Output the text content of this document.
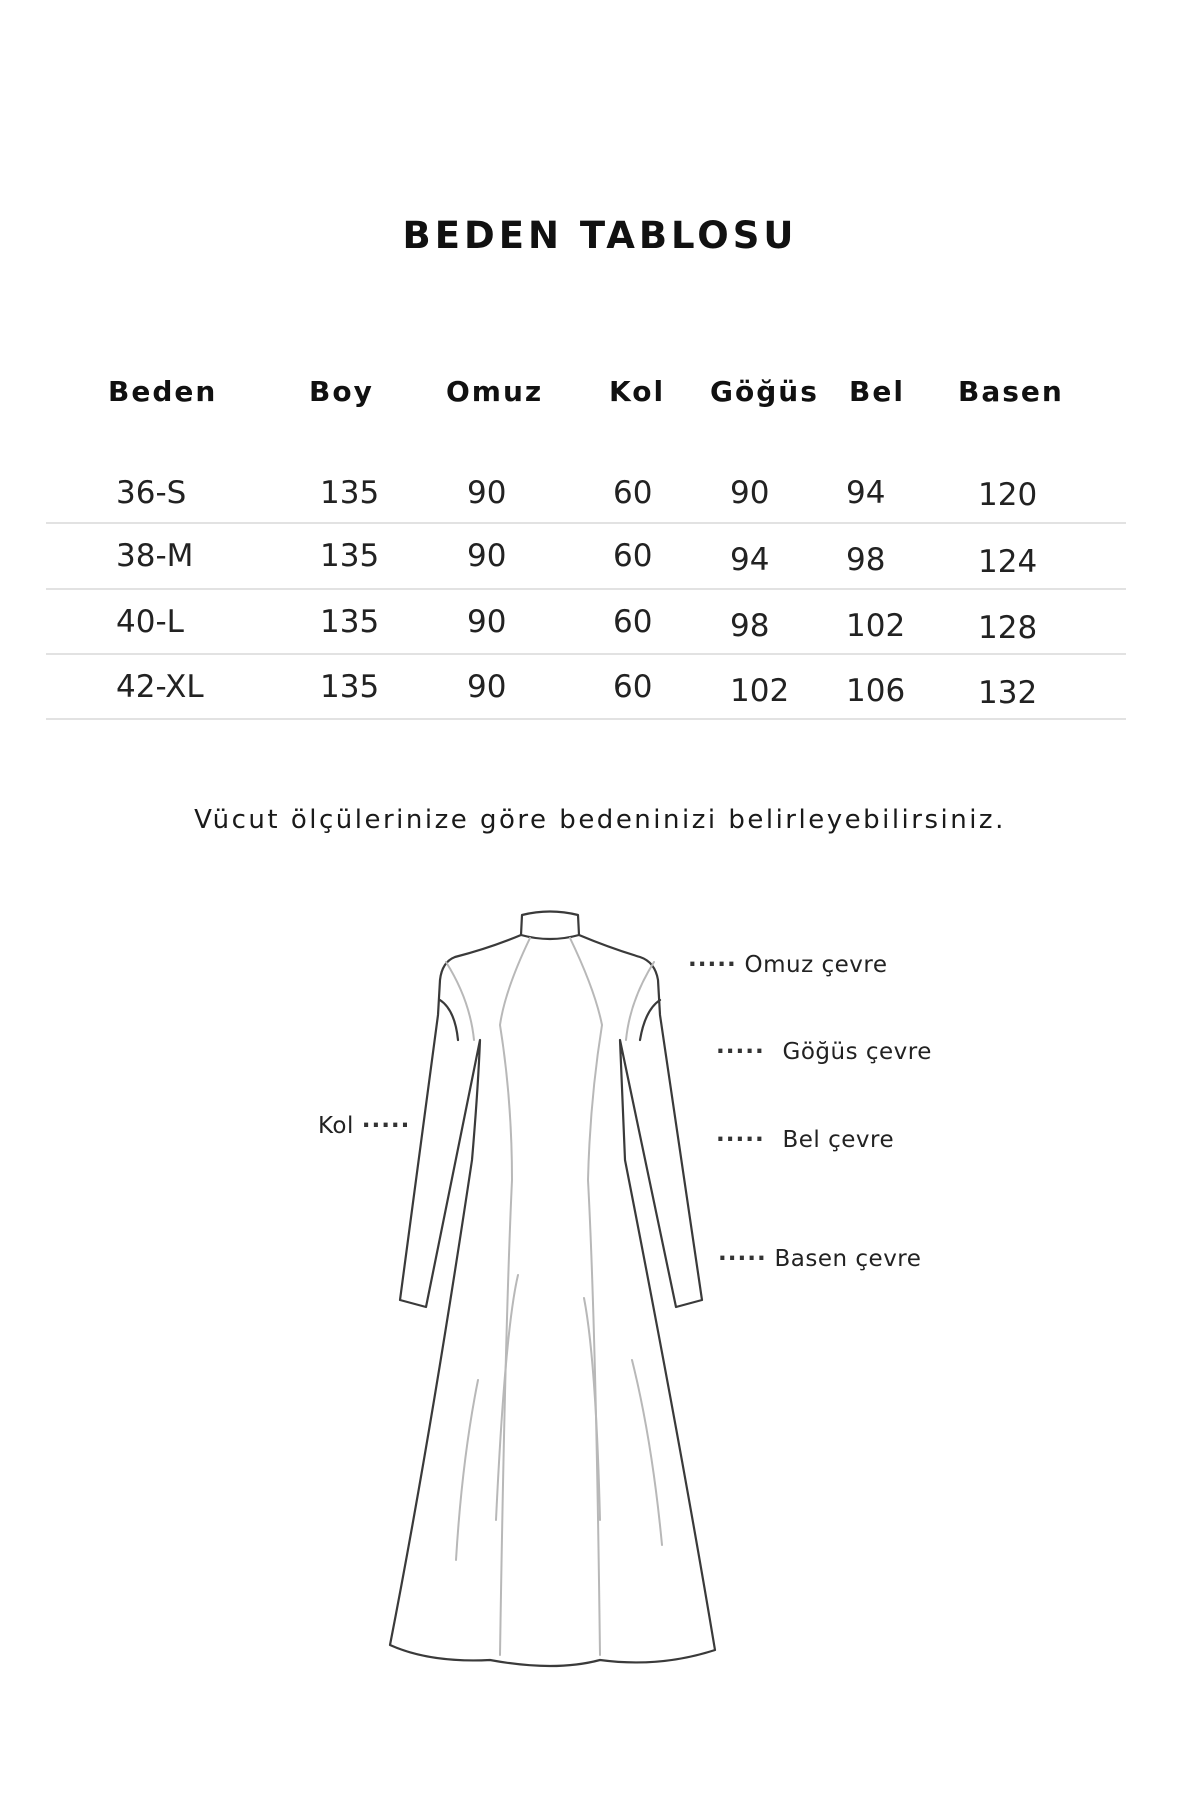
BEDEN TABLOSU
Beden	Boy	Omuz Kol Göğüs Bel Basen
36-S	135	90	60	90 94	120
38-M	135	90	60	94 98	124
40-L	135	90	60	98 102 128
42-XL	135	90	60	102 106 132
Vücut ölçülerinize göre bedeninizi belirleyebilirsiniz.
····· Omuz çevre
····· Göğüs çevre
····· Bel çevre
····· Basen çevre
Kol ·····
